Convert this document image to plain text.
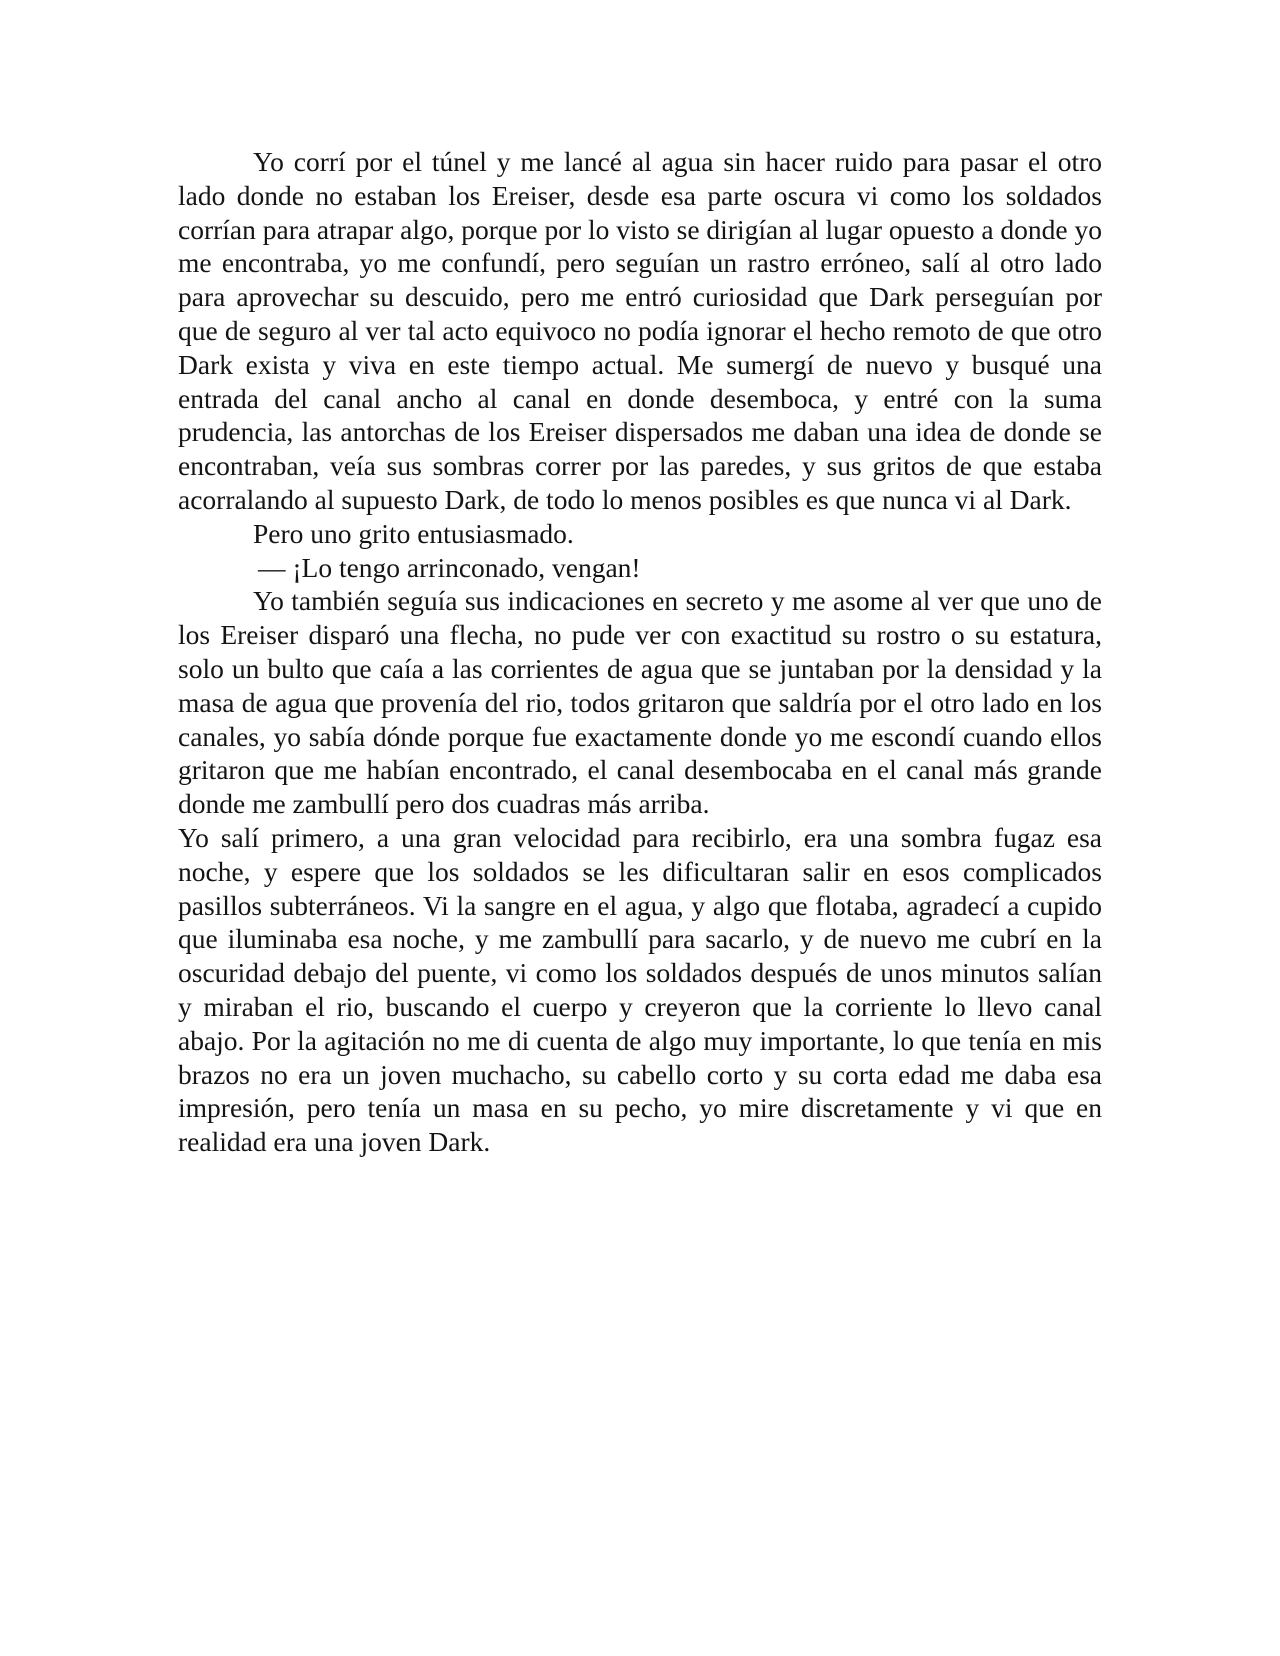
Yo corrí por el túnel y me lancé al agua sin hacer ruido para pasar el otro lado donde no estaban los Ereiser, desde esa parte oscura vi como los soldados corrían para atrapar algo, porque por lo visto se dirigían al lugar opuesto a donde yo me encontraba, yo me confundí, pero seguían un rastro erróneo, salí al otro lado para aprovechar su descuido, pero me entró curiosidad que Dark perseguían por que de seguro al ver tal acto equivoco no podía ignorar el hecho remoto de que otro Dark exista y viva en este tiempo actual. Me sumergí de nuevo y busqué una entrada del canal ancho al canal en donde desemboca, y entré con la suma prudencia, las antorchas de los Ereiser dispersados me daban una idea de donde se encontraban, veía sus sombras correr por las paredes, y sus gritos de que estaba acorralando al supuesto Dark, de todo lo menos posibles es que nunca vi al Dark.

Pero uno grito entusiasmado.

— ¡Lo tengo arrinconado, vengan!

Yo también seguía sus indicaciones en secreto y me asome al ver que uno de los Ereiser disparó una flecha, no pude ver con exactitud su rostro o su estatura, solo un bulto que caía a las corrientes de agua que se juntaban por la densidad y la masa de agua que provenía del rio, todos gritaron que saldría por el otro lado en los canales, yo sabía dónde porque fue exactamente donde yo me escondí cuando ellos gritaron que me habían encontrado, el canal desembocaba en el canal más grande donde me zambullí pero dos cuadras más arriba.

Yo salí primero, a una gran velocidad para recibirlo, era una sombra fugaz esa noche, y espere que los soldados se les dificultaran salir en esos complicados pasillos subterráneos. Vi la sangre en el agua, y algo que flotaba, agradecí a cupido que iluminaba esa noche, y me zambullí para sacarlo, y de nuevo me cubrí en la oscuridad debajo del puente, vi como los soldados después de unos minutos salían y miraban el rio, buscando el cuerpo y creyeron que la corriente lo llevo canal abajo. Por la agitación no me di cuenta de algo muy importante, lo que tenía en mis brazos no era un joven muchacho, su cabello corto y su corta edad me daba esa impresión, pero tenía un masa en su pecho, yo mire discretamente y vi que en realidad era una joven Dark.
